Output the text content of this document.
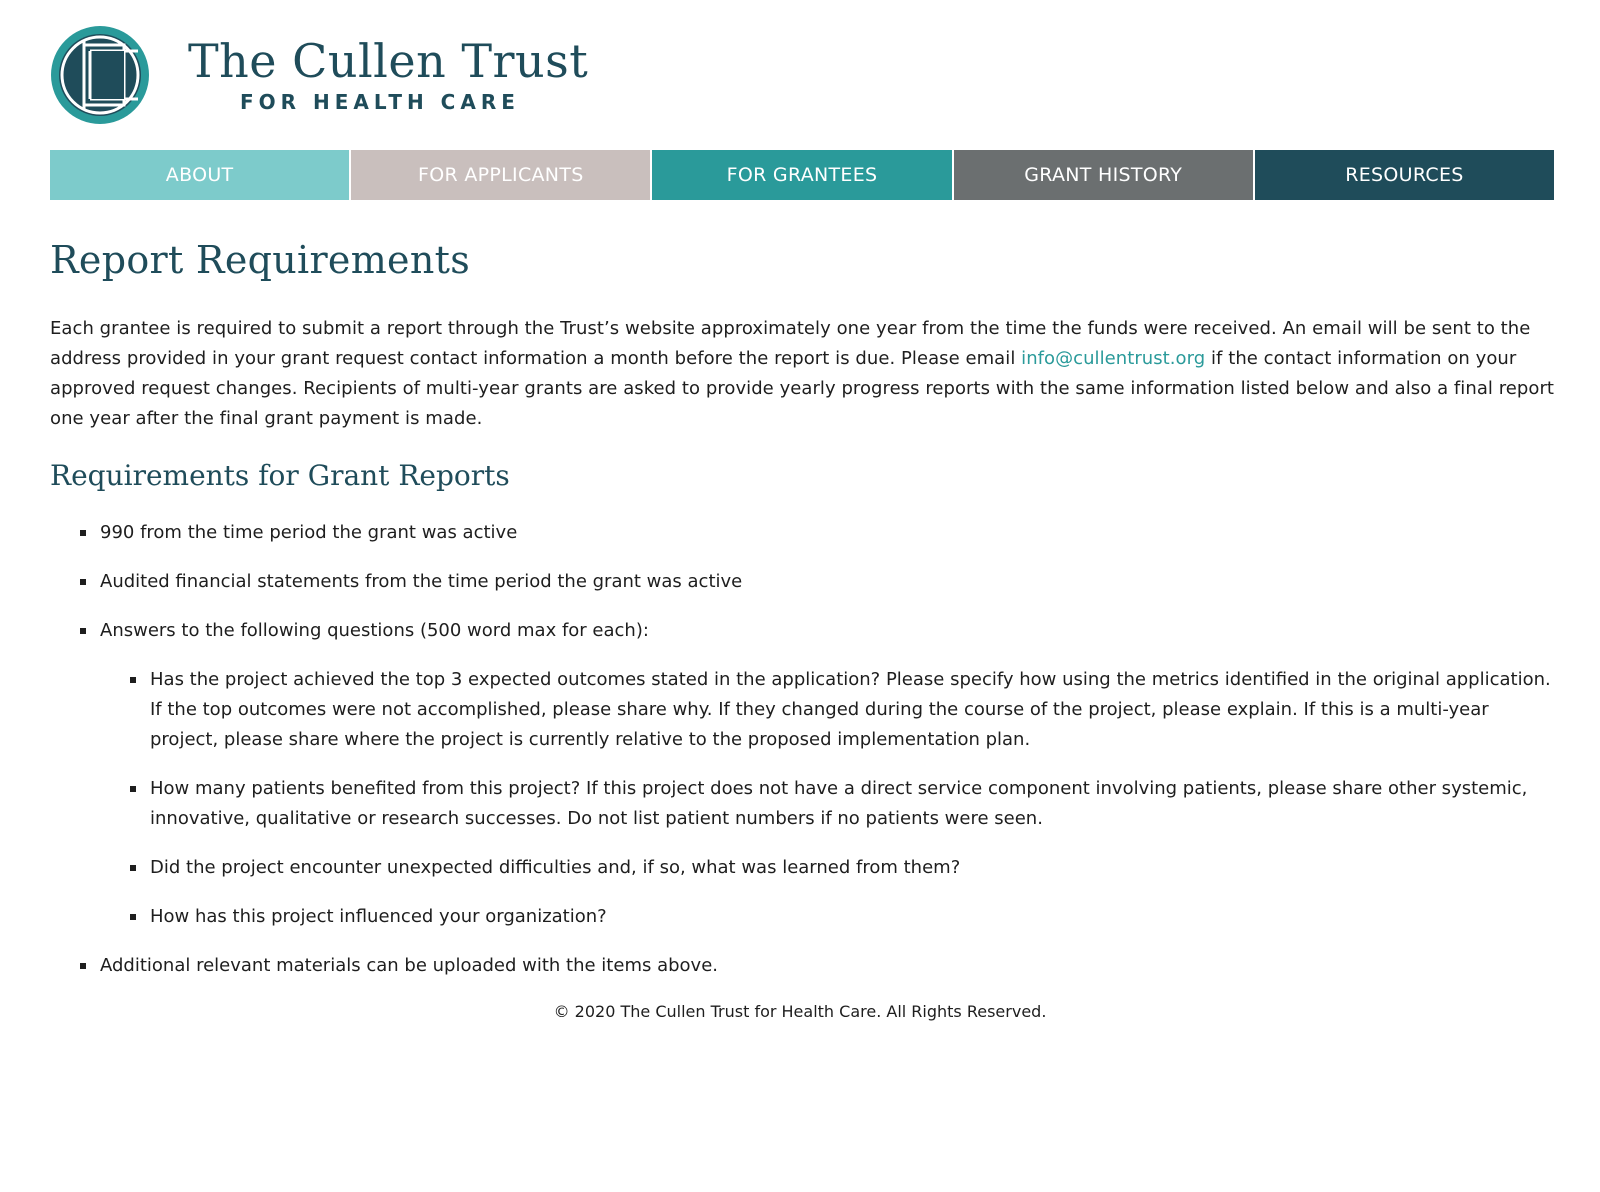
The Cullen Trust
FOR HEALTH CARE
ABOUT	FOR APPLICANTS	FOR GRANTEES	GRANT HISTORY	RESOURCES
Report Requirements

Each grantee is required to submit a report through the Trust’s website approximately one year from the time the funds were received. An email will be sent to the address provided in your grant request contact information a month before the report is due. Please email info@cullentrust.org if the contact information on your approved request changes. Recipients of multi-year grants are asked to provide yearly progress reports with the same information listed below and also a final report one year after the final grant payment is made.

Requirements for Grant Reports
990 from the time period the grant was active
Audited financial statements from the time period the grant was active
Answers to the following questions (500 word max for each):
Has the project achieved the top 3 expected outcomes stated in the application? Please specify how using the metrics identified in the original application. If the top outcomes were not accomplished, please share why. If they changed during the course of the project, please explain. If this is a multi-year project, please share where the project is currently relative to the proposed implementation plan.
How many patients benefited from this project? If this project does not have a direct service component involving patients, please share other systemic, innovative, qualitative or research successes. Do not list patient numbers if no patients were seen.
Did the project encounter unexpected difficulties and, if so, what was learned from them?
How has this project influenced your organization?
Additional relevant materials can be uploaded with the items above.
© 2020 The Cullen Trust for Health Care. All Rights Reserved.
